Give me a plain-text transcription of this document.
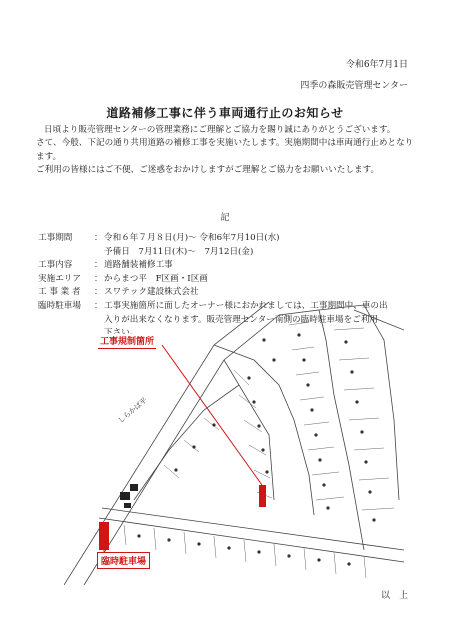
令和6年7月1日
四季の森販売管理センター
道路補修工事に伴う車両通行止のお知らせ

日頃より販売管理センターの管理業務にご理解とご協力を賜り誠にありがとうございます。

さて、今般、下記の通り共用道路の補修工事を実施いたします。実施期間中は車両通行止めとなります。

ご利用の皆様にはご不便、ご迷惑をおかけしますがご理解とご協力をお願いいたします。

記
工事期間	： 令和６年７月８日(月)～ 令和6年7月10日(水)
予備日　7月11日(木)～　7月12日(金)
工事内容	： 道路舗装補修工事
実施エリア	： からまつ平　F区画・I区画
工 事 業 者	： スワテック建設株式会社
臨時駐車場	： 工事実施箇所に面したオーナー様におかれましては、工事期間中、車の出
入りが出来なくなります。販売管理センター南側の臨時駐車場をご利用
しらかば平
工事規制箇所
臨時駐車場
以　上
